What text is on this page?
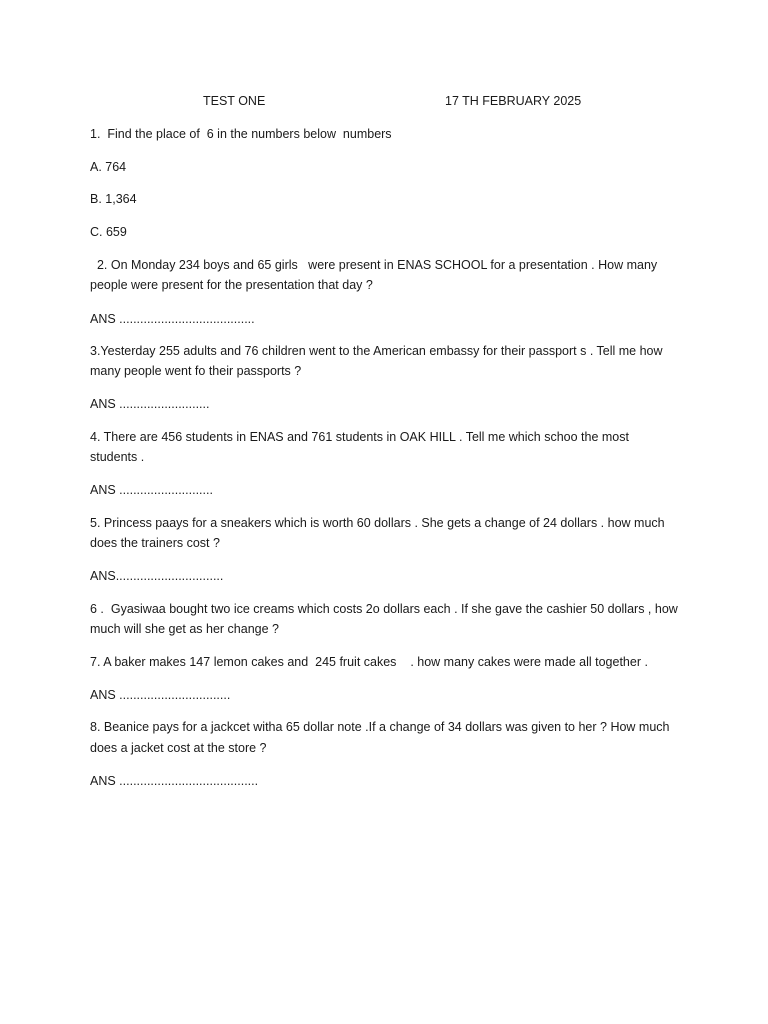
TEST ONE	17 TH FEBRUARY 2025
1.  Find the place of  6 in the numbers below  numbers
A. 764
B. 1,364
C. 659
2. On Monday 234 boys and 65 girls   were present in ENAS SCHOOL for a presentation . How many
people were present for the presentation that day ?
ANS .......................................
3.Yesterday 255 adults and 76 children went to the American embassy for their passport s . Tell me how
many people went fo their passports ?
ANS ..........................
4. There are 456 students in ENAS and 761 students in OAK HILL . Tell me which schoo the most
students .
ANS ...........................
5. Princess paays for a sneakers which is worth 60 dollars . She gets a change of 24 dollars . how much
does the trainers cost ?
ANS...............................
6 .  Gyasiwaa bought two ice creams which costs 2o dollars each . If she gave the cashier 50 dollars , how
much will she get as her change ?
7. A baker makes 147 lemon cakes and  245 fruit cakes    . how many cakes were made all together .
ANS ................................
8. Beanice pays for a jackcet witha 65 dollar note .If a change of 34 dollars was given to her ? How much
does a jacket cost at the store ?
ANS ........................................
